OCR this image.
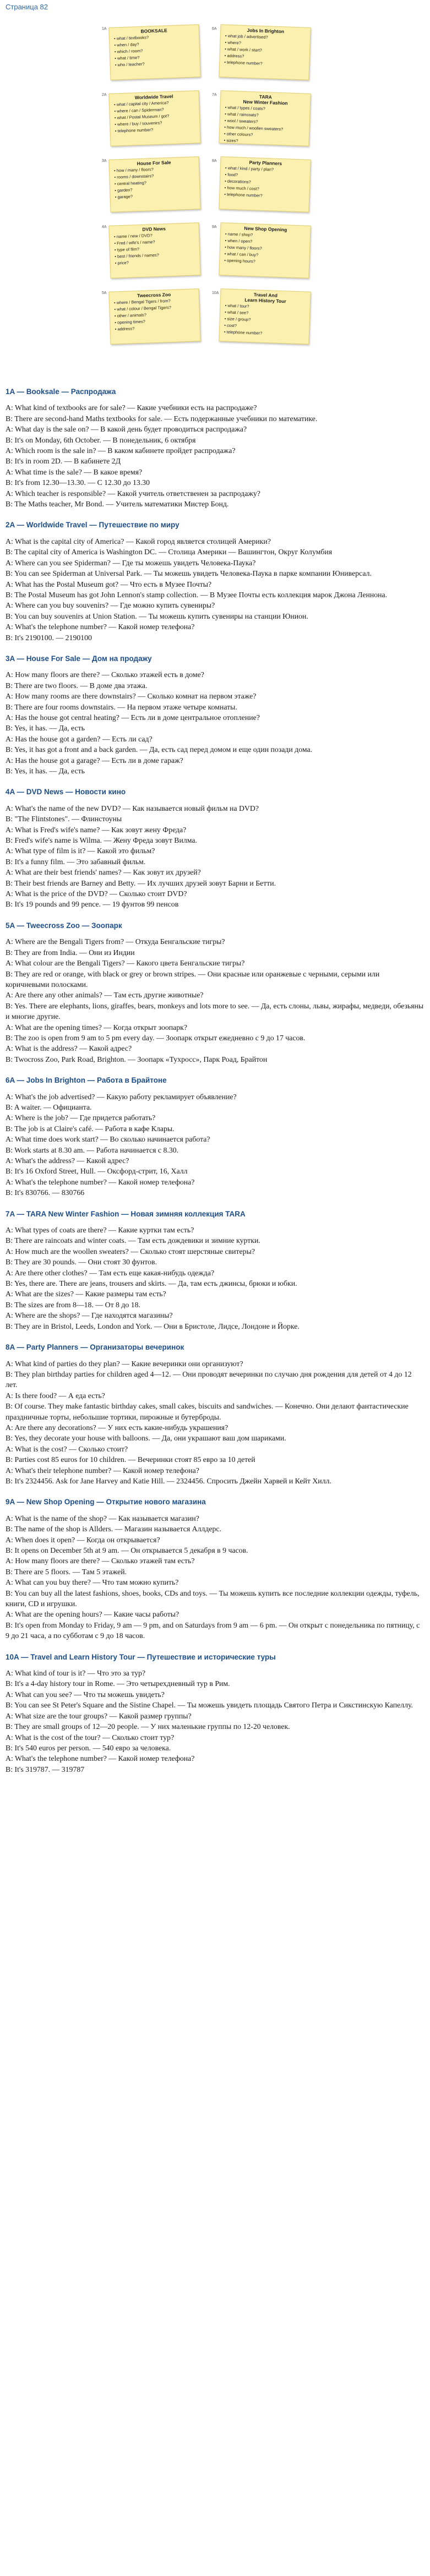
Страница 82
1A	BOOKSALE
• what / textbooks?
• when / day?
• which / room?
• what / time?
• who / teacher?
6A	Jobs In Brighton
• what job / advertised?
• where?
• what / work / start?
• address?
• telephone number?
2A	Worldwide Travel
• what / capital city / America?
• where / can / Spiderman?
• what / Postal Museum / got?
• where / buy / souvenirs?
• telephone number?
7A	TARA
New Winter Fashion
• what / types / coats?
• what / raincoats?
• wool / sweaters?
• how much / woollen sweaters?
• other colours?
• sizes?
3A	House For Sale
• how / many / floors?
• rooms / downstairs?
• central heating?
• garden?
• garage?
8A	Party Planners
• what / kind / party / plan?
• food?
• decorations?
• how much / cost?
• telephone number?
4A	DVD News
• name / new / DVD?
• Fred / wife's / name?
• type of film?
• best / friends / names?
• price?
9A	New Shop Opening
• name / shop?
• when / open?
• how many / floors?
• what / can / buy?
• opening hours?
5A	Tweecross Zoo
• where / Bengal Tigers / from?
• what / colour / Bengal Tigers?
• other / animals?
• opening times?
• address?
10A	Travel And
Learn History Tour
• what / tour?
• what / see?
• size / group?
• cost?
• telephone number?
1A — Booksale — Распродажа

A: What kind of textbooks are for sale? — Какие учебники есть на распродаже?

B: There are second-hand Maths textbooks for sale. — Есть подержанные учебники по математике.

A: What day is the sale on? — В какой день будет проводиться распродажа?

B: It's on Monday, 6th October. — В понедельник, 6 октября

A: Which room is the sale in? — В каком кабинете пройдет распродажа?

B: It's in room 2D. — В кабинете 2Д

A: What time is the sale? — В какое время?

B: It's from 12.30—13.30. — С 12.30 до 13.30

A: Which teacher is responsible? — Какой учитель ответственен за распродажу?

B: The Maths teacher, Mr Bond. — Учитель математики Мистер Бонд.

2A — Worldwide Travel — Путешествие по миру

A: What is the capital city of America? — Какой город является столицей Америки?

B: The capital city of America is Washington DC. — Столица Америки — Вашингтон, Округ Колумбия

A: Where can you see Spiderman? — Где ты можешь увидеть Человека-Паука?

B: You can see Spiderman at Universal Park. — Ты можешь увидеть Человека-Паука в парке компании Юниверсал.

A: What has the Postal Museum got? — Что есть в Музее Почты?

B: The Postal Museum has got John Lennon's stamp collection. — В Музее Почты есть коллекция марок Джона Леннона.

A: Where can you buy souvenirs? — Где можно купить сувениры?

B: You can buy souvenirs at Union Station. — Ты можешь купить сувениры на станции Юнион.

A: What's the telephone number? — Какой номер телефона?

B: It's 2190100. — 2190100

3A — House For Sale — Дом на продажу

A: How many floors are there? — Сколько этажей есть в доме?

B: There are two floors. — В доме два этажа.

A: How many rooms are there downstairs? — Сколько комнат на первом этаже?

B: There are four rooms downstairs. — На первом этаже четыре комнаты.

A: Has the house got central heating? — Есть ли в доме центральное отопление?

B: Yes, it has. — Да, есть

A: Has the house got a garden? — Есть ли сад?

B: Yes, it has got a front and a back garden. — Да, есть сад перед домом и еще один позади дома.

A: Has the house got a garage? — Есть ли в доме гараж?

B: Yes, it has. — Да, есть

4A — DVD News — Новости кино

A: What's the name of the new DVD? — Как называется новый фильм на DVD?

B: "The Flintstones". — Флинстоуны

A: What is Fred's wife's name? — Как зовут жену Фреда?

B: Fred's wife's name is Wilma. — Жену Фреда зовут Вилма.

A: What type of film is it? — Какой это фильм?

B: It's a funny film. — Это забавный фильм.

A: What are their best friends' names? — Как зовут их друзей?

B: Their best friends are Barney and Betty. — Их лучших друзей зовут Барни и Бетти.

A: What is the price of the DVD? — Сколько стоит DVD?

B: It's 19 pounds and 99 pence. — 19 фунтов 99 пенсов

5A — Tweecross Zoo — Зоопарк

A: Where are the Bengali Tigers from? — Откуда Бенгальские тигры?

B: They are from India. — Они из Индии

A: What colour are the Bengali Tigers? — Какого цвета Бенгальские тигры?

B: They are red or orange, with black or grey or brown stripes. — Они красные или оранжевые с черными, серыми или коричневыми полосками.

A: Are there any other animals? — Там есть другие животные?

B: Yes. There are elephants, lions, giraffes, bears, monkeys and lots more to see. — Да, есть слоны, львы, жирафы, медведи, обезьяны и многие другие.

A: What are the opening times? — Когда открыт зоопарк?

B: The zoo is open from 9 am to 5 pm every day. — Зоопарк открыт ежедневно с 9 до 17 часов.

A: What is the address? — Какой адрес?

B: Twocross Zoo, Park Road, Brighton. — Зоопарк «Тухросс», Парк Роад, Брайтон

6A — Jobs In Brighton — Работа в Брайтоне

A: What's the job advertised? — Какую работу рекламирует объявление?

B: A waiter. — Официанта.

A: Where is the job? — Где придется работать?

B: The job is at Claire's café. — Работа в кафе Клары.

A: What time does work start? — Во сколько начинается работа?

B: Work starts at 8.30 am. — Работа начинается с 8.30.

A: What's the address? — Какой адрес?

B: It's 16 Oxford Street, Hull. — Оксфорд-стрит, 16, Халл

A: What's the telephone number? — Какой номер телефона?

B: It's 830766. — 830766

7A — TARA New Winter Fashion — Новая зимняя коллекция TARA

A: What types of coats are there? — Какие куртки там есть?

B: There are raincoats and winter coats. — Там есть дождевики и зимние куртки.

A: How much are the woollen sweaters? — Сколько стоят шерстяные свитеры?

B: They are 30 pounds. — Они стоят 30 фунтов.

A: Are there other clothes? — Там есть еще какая-нибудь одежда?

B: Yes, there are. There are jeans, trousers and skirts. — Да, там есть джинсы, брюки и юбки.

A: What are the sizes? — Какие размеры там есть?

B: The sizes are from 8—18. — От 8 до 18.

A: Where are the shops? — Где находятся магазины?

B: They are in Bristol, Leeds, London and York. — Они в Бристоле, Лидсе, Лондоне и Йорке.

8A — Party Planners — Организаторы вечеринок

A: What kind of parties do they plan? — Какие вечеринки они организуют?

B: They plan birthday parties for children aged 4—12. — Они проводят вечеринки по случаю дня рождения для детей от 4 до 12 лет.

A: Is there food? — А еда есть?

B: Of course. They make fantastic birthday cakes, small cakes, biscuits and sandwiches. — Конечно. Они делают фантастические праздничные торты, небольшие тортики, пирожные и бутерброды.

A: Are there any decorations? — У них есть какие-нибудь украшения?

B: Yes, they decorate your house with balloons. — Да, они украшают ваш дом шариками.

A: What is the cost? — Сколько стоит?

B: Parties cost 85 euros for 10 children. — Вечеринки стоят 85 евро за 10 детей

A: What's their telephone number? — Какой номер телефона?

B: It's 2324456. Ask for Jane Harvey and Katie Hill. — 2324456. Спросить Джейн Харвей и Кейт Хилл.

9A — New Shop Opening — Открытие нового магазина

A: What is the name of the shop? — Как называется магазин?

B: The name of the shop is Allders. — Магазин называется Аллдерс.

A: When does it open? — Когда он открывается?

B: It opens on December 5th at 9 am. — Он открывается 5 декабря в 9 часов.

A: How many floors are there? — Сколько этажей там есть?

B: There are 5 floors. — Там 5 этажей.

A: What can you buy there? — Что там можно купить?

B: You can buy all the latest fashions, shoes, books, CDs and toys. — Ты можешь купить все последние коллекции одежды, туфель, книги, CD и игрушки.

A: What are the opening hours? — Какие часы работы?

B: It's open from Monday to Friday, 9 am — 9 pm, and on Saturdays from 9 am — 6 pm. — Он открыт с понедельника по пятницу, с 9 до 21 часа, а по субботам с 9 до 18 часов.

10A — Travel and Learn History Tour — Путешествие и исторические туры

A: What kind of tour is it? — Что это за тур?

B: It's a 4-day history tour in Rome. — Это четырехдневный тур в Рим.

A: What can you see? — Что ты можешь увидеть?

B: You can see St Peter's Square and the Sistine Chapel. — Ты можешь увидеть площадь Святого Петра и Сикстинскую Капеллу.

A: What size are the tour groups? — Какой размер группы?

B: They are small groups of 12—20 people. — У них маленькие группы по 12-20 человек.

A: What is the cost of the tour? — Сколько стоит тур?

B: It's 540 euros per person. — 540 евро за человека.

A: What's the telephone number? — Какой номер телефона?

B: It's 319787. — 319787
